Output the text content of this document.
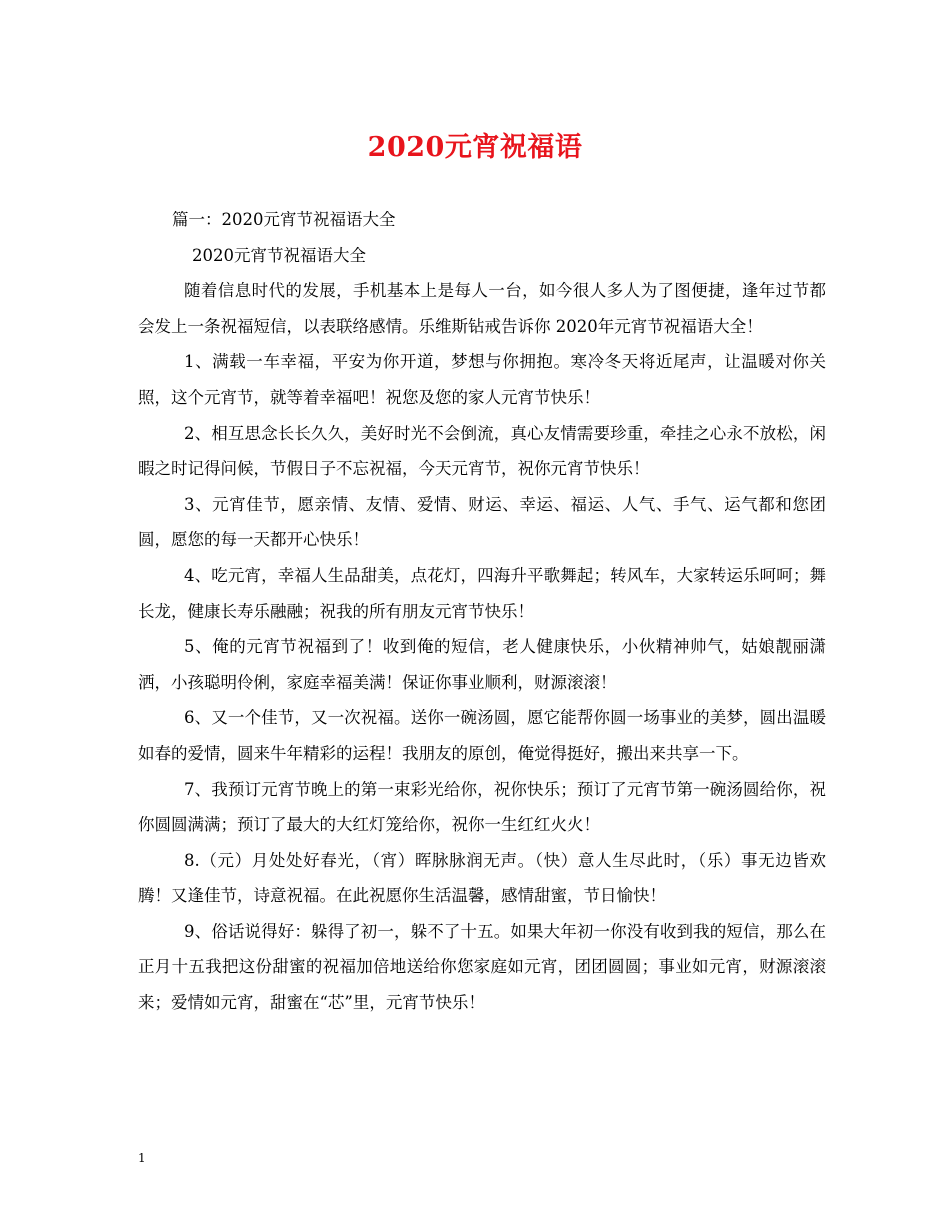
2020元宵祝福语

篇一：2020元宵节祝福语大全

2020元宵节祝福语大全

随着信息时代的发展，手机基本上是每人一台，如今很人多人为了图便捷，逢年过节都会发上一条祝福短信，以表联络感情。乐维斯钻戒告诉你 2020年元宵节祝福语大全！

1、满载一车幸福，平安为你开道，梦想与你拥抱。寒冷冬天将近尾声，让温暖对你关照，这个元宵节，就等着幸福吧！祝您及您的家人元宵节快乐！

2、相互思念长长久久，美好时光不会倒流，真心友情需要珍重，牵挂之心永不放松，闲暇之时记得问候，节假日子不忘祝福，今天元宵节，祝你元宵节快乐！

3、元宵佳节，愿亲情、友情、爱情、财运、幸运、福运、人气、手气、运气都和您团圆，愿您的每一天都开心快乐！

4、吃元宵，幸福人生品甜美，点花灯，四海升平歌舞起；转风车，大家转运乐呵呵；舞长龙，健康长寿乐融融；祝我的所有朋友元宵节快乐！

5、俺的元宵节祝福到了！收到俺的短信，老人健康快乐，小伙精神帅气，姑娘靓丽潇洒，小孩聪明伶俐，家庭幸福美满！保证你事业顺利，财源滚滚！

6、又一个佳节，又一次祝福。送你一碗汤圆，愿它能帮你圆一场事业的美梦，圆出温暖如春的爱情，圆来牛年精彩的运程！我朋友的原创，俺觉得挺好，搬出来共享一下。

7、我预订元宵节晚上的第一束彩光给你，祝你快乐；预订了元宵节第一碗汤圆给你，祝你圆圆满满；预订了最大的大红灯笼给你，祝你一生红红火火！

8.（元）月处处好春光，（宵）晖脉脉润无声。（快）意人生尽此时，（乐）事无边皆欢腾！又逢佳节，诗意祝福。在此祝愿你生活温馨，感情甜蜜，节日愉快！

9、俗话说得好：躲得了初一，躲不了十五。如果大年初一你没有收到我的短信，那么在正月十五我把这份甜蜜的祝福加倍地送给你您家庭如元宵，团团圆圆；事业如元宵，财源滚滚来；爱情如元宵，甜蜜在“芯”里，元宵节快乐！

1
